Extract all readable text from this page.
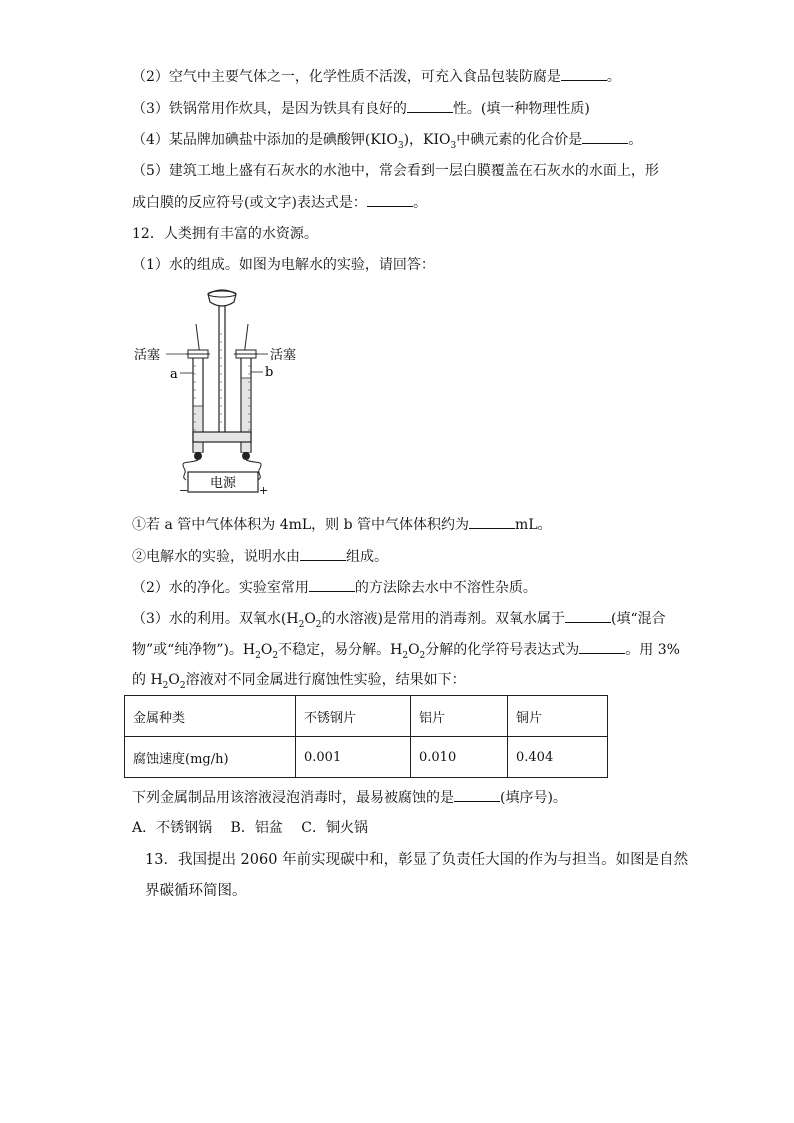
（2）空气中主要气体之一，化学性质不活泼，可充入食品包装防腐是	。
（3）铁锅常用作炊具，是因为铁具有良好的	性。(填一种物理性质)
（4）某品牌加碘盐中添加的是碘酸钾$(KIO_3)$，$KIO_3$中碘元素的化合价是	。
（5）建筑工地上盛有石灰水的水池中，常会看到一层白膜覆盖在石灰水的水面上，形
成白膜的反应符号(或文字)表达式是：	。
12．人类拥有丰富的水资源。
（1）水的组成。如图为电解水的实验，请回答：
电源
−	+
活塞	活塞
a	b
①若 a 管中气体体积为 4mL，则 b 管中气体体积约为	mL。
②电解水的实验，说明水由	组成。
（2）水的净化。实验室常用	的方法除去水中不溶性杂质。
（3）水的利用。双氧水($H_2O_2$的水溶液)是常用的消毒剂。双氧水属于	(填“混合
物”或“纯净物”)。$H_2O_2$不稳定，易分解。$H_2O_2$分解的化学符号表达式为	。用 3%
的 $H_2O_2$溶液对不同金属进行腐蚀性实验，结果如下：
金属种类	不锈钢片	铝片	铜片
腐蚀速度(mg/h)	0.001	0.010	0.404
下列金属制品用该溶液浸泡消毒时，最易被腐蚀的是	(填序号)。
A．不锈钢锅　 B．铝盆　 C．铜火锅
13．我国提出 2060 年前实现碳中和，彰显了负责任大国的作为与担当。如图是自然
界碳循环简图。
